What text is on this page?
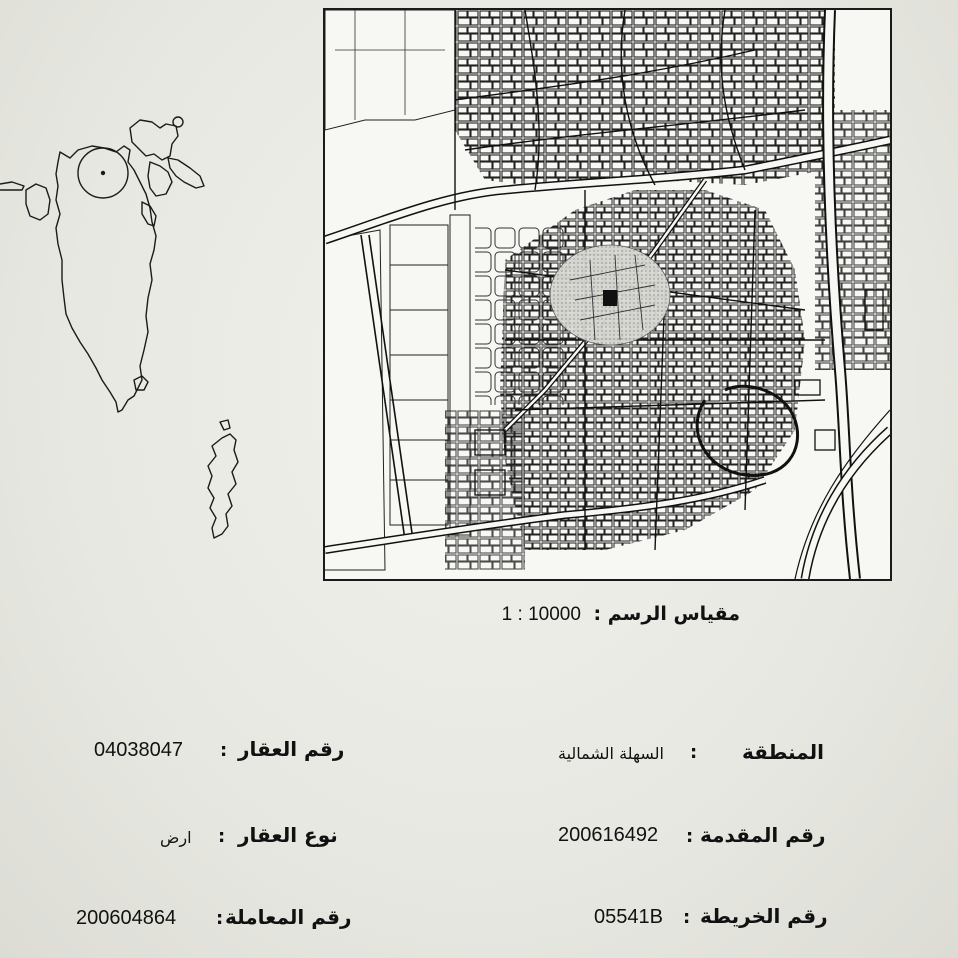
مقياس الرسم : 1 : 10000
رقم العقار
:
04038047
نوع العقار
:
ارض
رقم المعاملة
:
200604864
المنطقة
:
السهلة الشمالية
رقم المقدمة
:
200616492
رقم الخريطة
:
05541B
